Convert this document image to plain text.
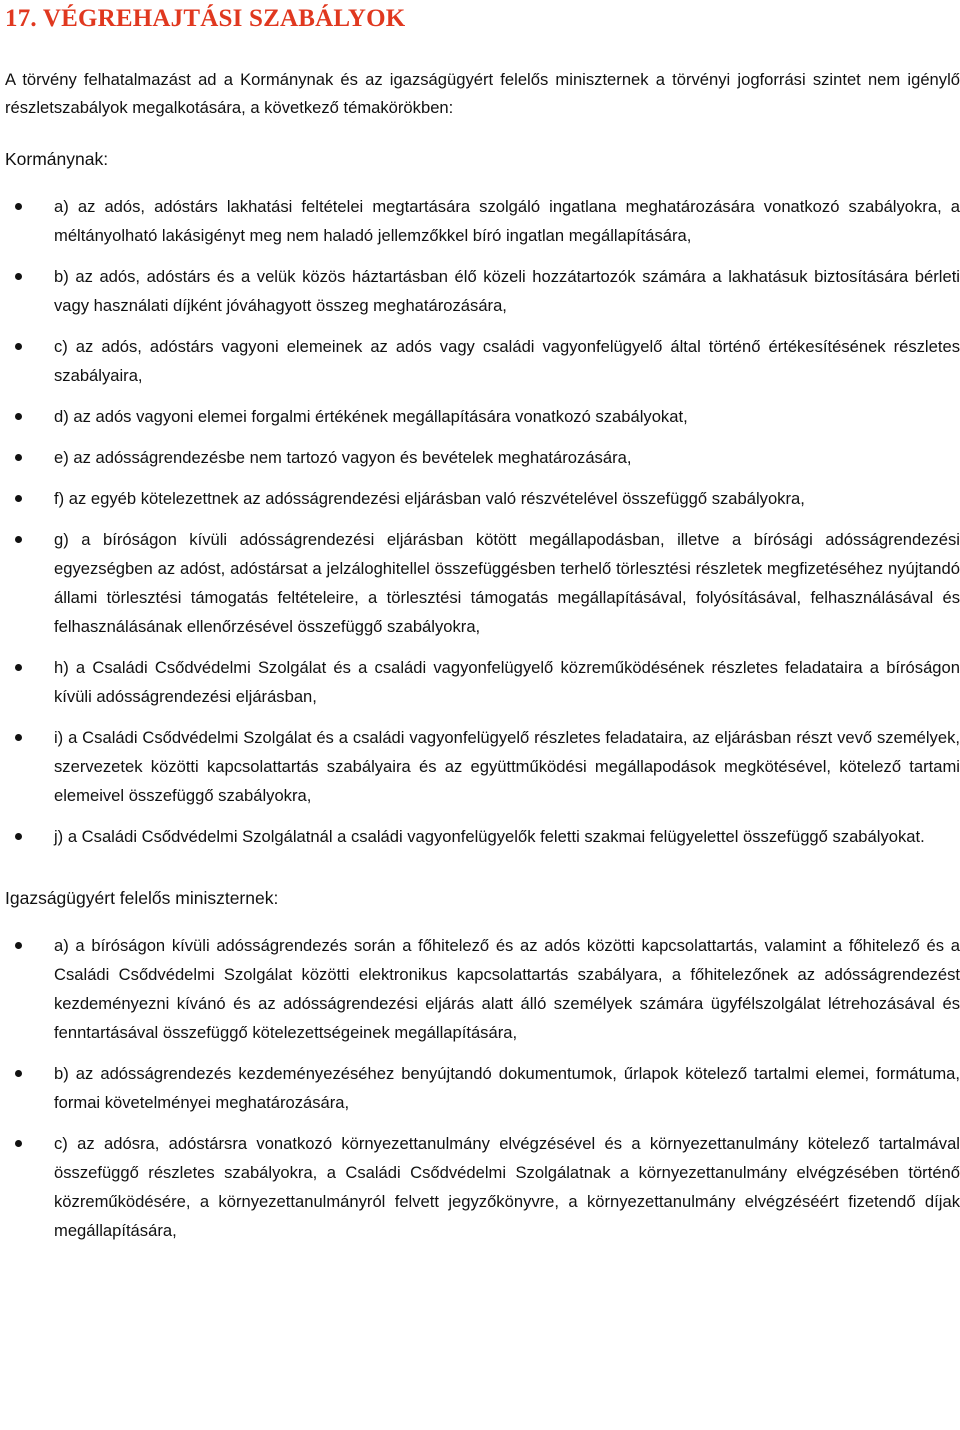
17. VÉGREHAJTÁSI SZABÁLYOK

A törvény felhatalmazást ad a Kormánynak és az igazságügyért felelős miniszternek a törvényi jogforrási szintet nem igénylő részletszabályok megalkotására, a következő témakörökben:

Kormánynak:

a) az adós, adóstárs lakhatási feltételei megtartására szolgáló ingatlana meghatározására vonatkozó szabályokra, a méltányolható lakásigényt meg nem haladó jellemzőkkel bíró ingatlan megállapítására,
b) az adós, adóstárs és a velük közös háztartásban élő közeli hozzátartozók számára a lakhatásuk biztosítására bérleti vagy használati díjként jóváhagyott összeg meghatározására,
c) az adós, adóstárs vagyoni elemeinek az adós vagy családi vagyonfelügyelő által történő értékesítésének részletes szabályaira,
d) az adós vagyoni elemei forgalmi értékének megállapítására vonatkozó szabályokat,
e) az adósságrendezésbe nem tartozó vagyon és bevételek meghatározására,
f) az egyéb kötelezettnek az adósságrendezési eljárásban való részvételével összefüggő szabályokra,
g) a bíróságon kívüli adósságrendezési eljárásban kötött megállapodásban, illetve a bírósági adósságrendezési egyezségben az adóst, adóstársat a jelzáloghitellel összefüggésben terhelő törlesztési részletek megfizetéséhez nyújtandó állami törlesztési támogatás feltételeire, a törlesztési támogatás megállapításával, folyósításával, felhasználásával és felhasználásának ellenőrzésével összefüggő szabályokra,
h) a Családi Csődvédelmi Szolgálat és a családi vagyonfelügyelő közreműködésének részletes feladataira a bíróságon kívüli adósságrendezési eljárásban,
i) a Családi Csődvédelmi Szolgálat és a családi vagyonfelügyelő részletes feladataira, az eljárásban részt vevő személyek, szervezetek közötti kapcsolattartás szabályaira és az együttműködési megállapodások megkötésével, kötelező tartami elemeivel összefüggő szabályokra,
j) a Családi Csődvédelmi Szolgálatnál a családi vagyonfelügyelők feletti szakmai felügyelettel összefüggő szabályokat.

Igazságügyért felelős miniszternek:

a) a bíróságon kívüli adósságrendezés során a főhitelező és az adós közötti kapcsolattartás, valamint a főhitelező és a Családi Csődvédelmi Szolgálat közötti elektronikus kapcsolattartás szabályara, a főhitelezőnek az adósságrendezést kezdeményezni kívánó és az adósságrendezési eljárás alatt álló személyek számára ügyfélszolgálat létrehozásával és fenntartásával összefüggő kötelezettségeinek megállapítására,
b) az adósságrendezés kezdeményezéséhez benyújtandó dokumentumok, űrlapok kötelező tartalmi elemei, formátuma, formai követelményei meghatározására,
c) az adósra, adóstársra vonatkozó környezettanulmány elvégzésével és a környezettanulmány kötelező tartalmával összefüggő részletes szabályokra, a Családi Csődvédelmi Szolgálatnak a környezettanulmány elvégzésében történő közreműködésére, a környezettanulmányról felvett jegyzőkönyvre, a környezettanulmány elvégzéséért fizetendő díjak megállapítására,
